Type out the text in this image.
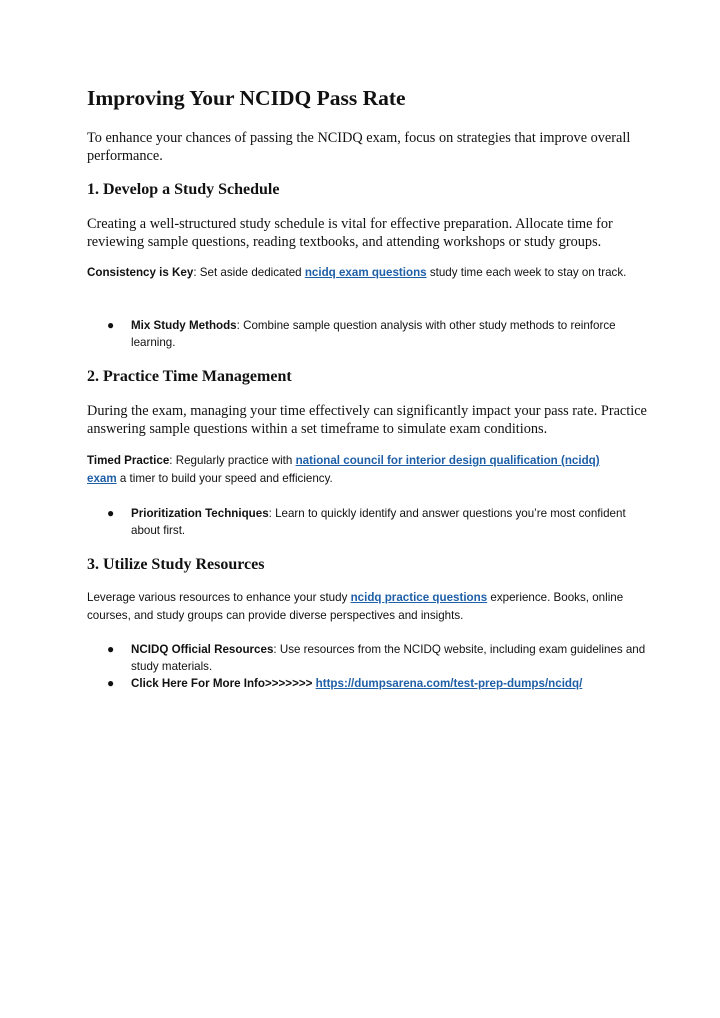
Improving Your NCIDQ Pass Rate

To enhance your chances of passing the NCIDQ exam, focus on strategies that improve overall performance.

1. Develop a Study Schedule

Creating a well-structured study schedule is vital for effective preparation. Allocate time for reviewing sample questions, reading textbooks, and attending workshops or study groups.

Consistency is Key: Set aside dedicated ncidq exam questions study time each week to stay on track.

●	Mix Study Methods: Combine sample question analysis with other study methods to reinforce learning.
2. Practice Time Management

During the exam, managing your time effectively can significantly impact your pass rate. Practice answering sample questions within a set timeframe to simulate exam conditions.

Timed Practice: Regularly practice with national council for interior design qualification (ncidq) exam a timer to build your speed and efficiency.

●	Prioritization Techniques: Learn to quickly identify and answer questions you’re most confident about first.
3. Utilize Study Resources

Leverage various resources to enhance your study ncidq practice questions experience. Books, online courses, and study groups can provide diverse perspectives and insights.

●	NCIDQ Official Resources: Use resources from the NCIDQ website, including exam guidelines and study materials.
●	Click Here For More Info>>>>>>> https://dumpsarena.com/test-prep-dumps/ncidq/
